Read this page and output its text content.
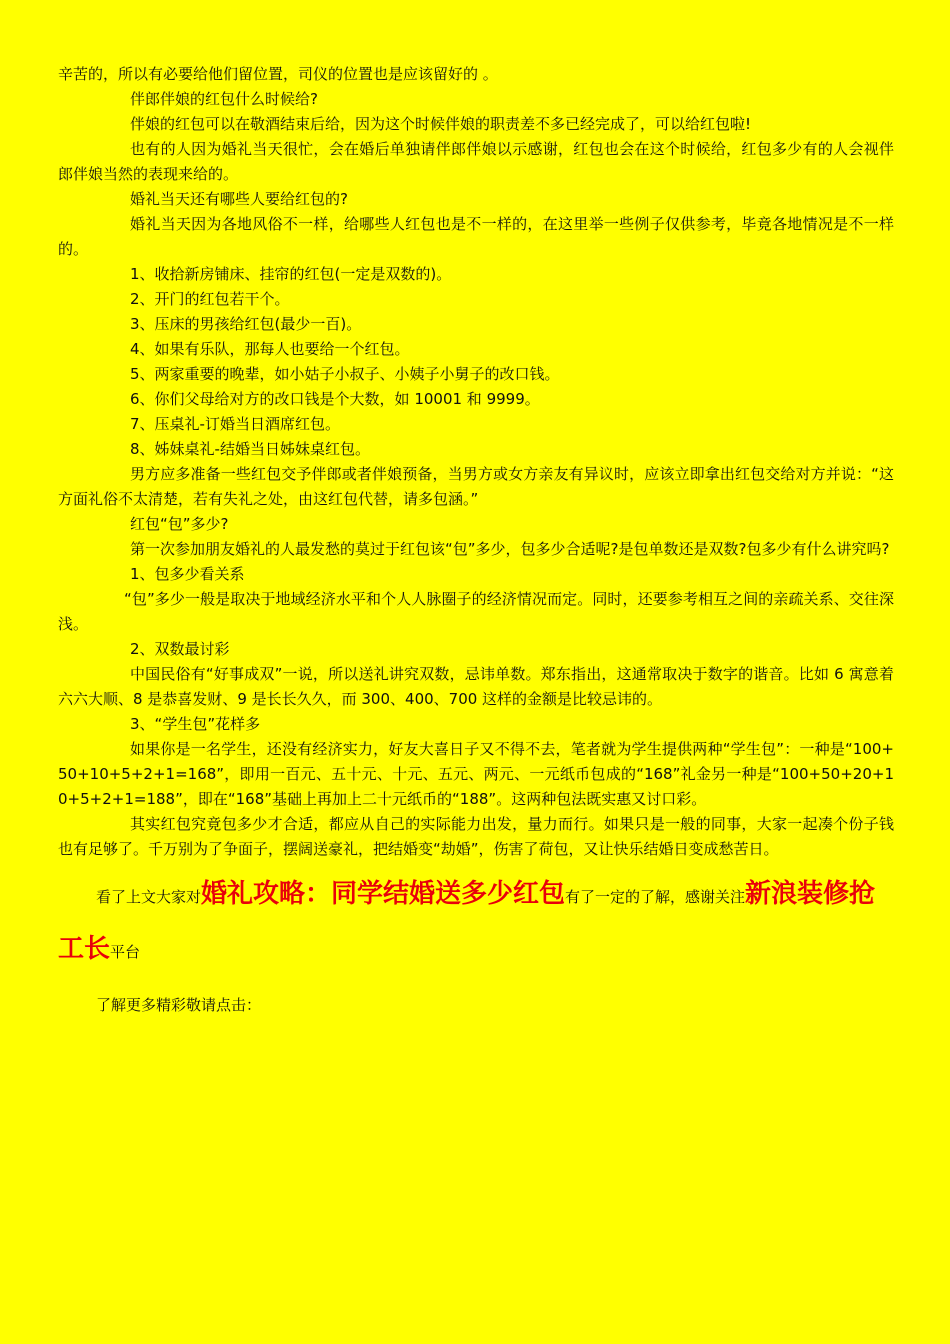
辛苦的，所以有必要给他们留位置，司仪的位置也是应该留好的 。

伴郎伴娘的红包什么时候给?

伴娘的红包可以在敬酒结束后给，因为这个时候伴娘的职责差不多已经完成了，可以给红包啦!

也有的人因为婚礼当天很忙，会在婚后单独请伴郎伴娘以示感谢，红包也会在这个时候给，红包多少有的人会视伴郎伴娘当然的表现来给的。

婚礼当天还有哪些人要给红包的?

婚礼当天因为各地风俗不一样，给哪些人红包也是不一样的，在这里举一些例子仅供参考，毕竟各地情况是不一样的。

1、收拾新房铺床、挂帘的红包(一定是双数的)。

2、开门的红包若干个。

3、压床的男孩给红包(最少一百)。

4、如果有乐队，那每人也要给一个红包。

5、两家重要的晚辈，如小姑子小叔子、小姨子小舅子的改口钱。

6、你们父母给对方的改口钱是个大数，如 10001 和 9999。

7、压桌礼-订婚当日酒席红包。

8、姊妹桌礼-结婚当日姊妹桌红包。

男方应多准备一些红包交予伴郎或者伴娘预备，当男方或女方亲友有异议时，应该立即拿出红包交给对方并说：“这方面礼俗不太清楚，若有失礼之处，由这红包代替，请多包涵。”

红包“包”多少?

第一次参加朋友婚礼的人最发愁的莫过于红包该“包”多少，包多少合适呢?是包单数还是双数?包多少有什么讲究吗?

1、包多少看关系

“包”多少一般是取决于地域经济水平和个人人脉圈子的经济情况而定。同时，还要参考相互之间的亲疏关系、交往深浅。

2、双数最讨彩

中国民俗有“好事成双”一说，所以送礼讲究双数，忌讳单数。郑东指出，这通常取决于数字的谐音。比如 6 寓意着六六大顺、8 是恭喜发财、9 是长长久久，而 300、400、700 这样的金额是比较忌讳的。

3、“学生包”花样多

如果你是一名学生，还没有经济实力，好友大喜日子又不得不去，笔者就为学生提供两种“学生包”：一种是“100+50+10+5+2+1=168”，即用一百元、五十元、十元、五元、两元、一元纸币包成的“168”礼金另一种是“100+50+20+10+5+2+1=188”，即在“168”基础上再加上二十元纸币的“188”。这两种包法既实惠又讨口彩。

其实红包究竟包多少才合适，都应从自己的实际能力出发，量力而行。如果只是一般的同事，大家一起凑个份子钱也有足够了。千万别为了争面子，摆阔送豪礼，把结婚变“劫婚”，伤害了荷包，又让快乐结婚日变成愁苦日。

看了上文大家对婚礼攻略：同学结婚送多少红包有了一定的了解，感谢关注新浪装修抢工长平台

了解更多精彩敬请点击：
